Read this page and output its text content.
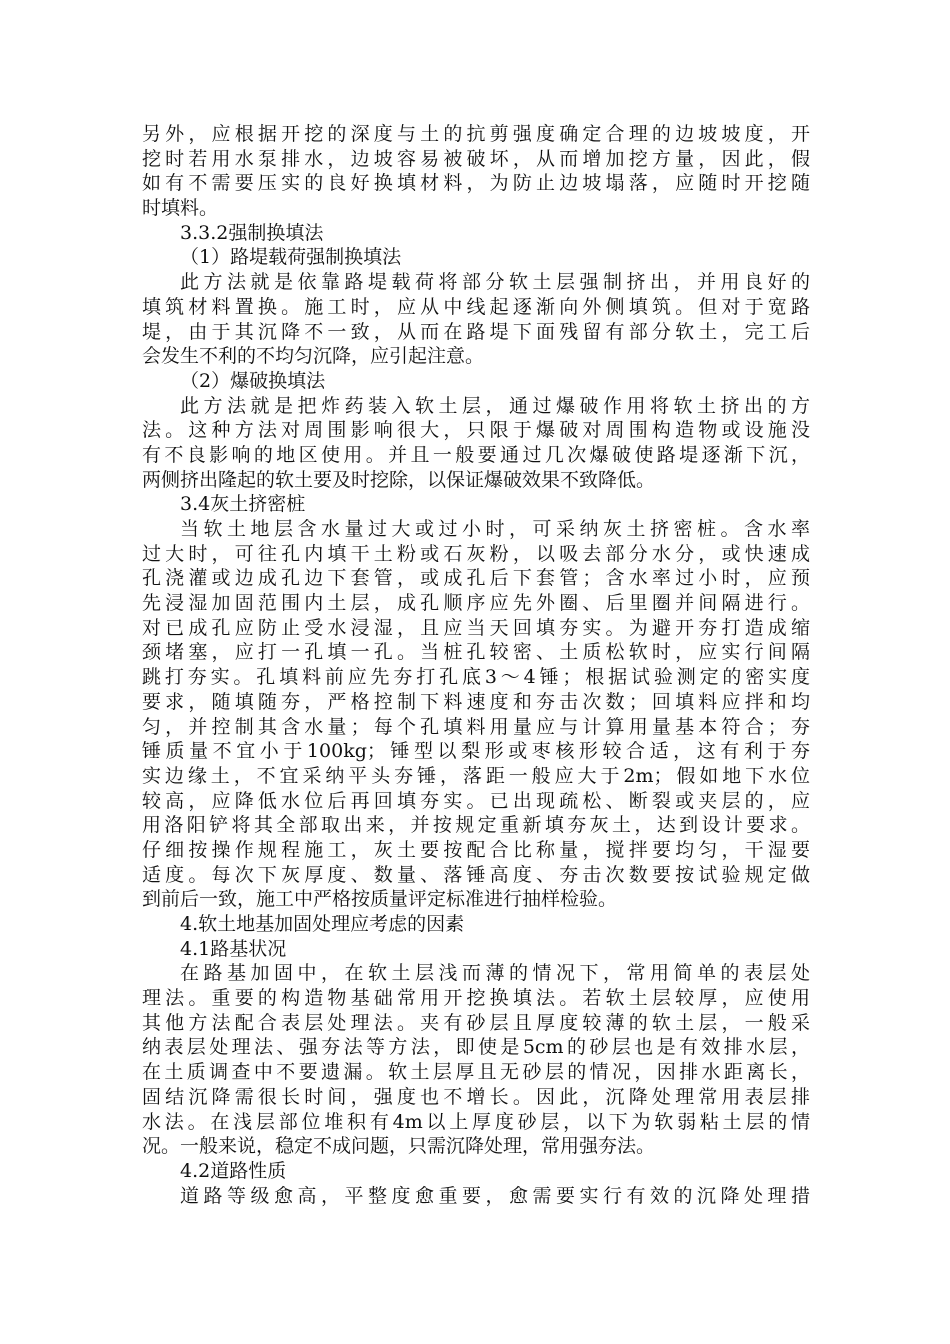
另外，应根据开挖的深度与土的抗剪强度确定合理的边坡坡度，开
挖时若用水泵排水，边坡容易被破坏，从而增加挖方量，因此，假
如有不需要压实的良好换填材料，为防止边坡塌落，应随时开挖随
时填料。
3.3.2强制换填法
（1）路堤载荷强制换填法
此方法就是依靠路堤载荷将部分软土层强制挤出，并用良好的
填筑材料置换。施工时，应从中线起逐渐向外侧填筑。但对于宽路
堤，由于其沉降不一致，从而在路堤下面残留有部分软土，完工后
会发生不利的不均匀沉降，应引起注意。
（2）爆破换填法
此方法就是把炸药装入软土层，通过爆破作用将软土挤出的方
法。这种方法对周围影响很大，只限于爆破对周围构造物或设施没
有不良影响的地区使用。并且一般要通过几次爆破使路堤逐渐下沉，
两侧挤出隆起的软土要及时挖除，以保证爆破效果不致降低。
3.4灰土挤密桩
当软土地层含水量过大或过小时，可采纳灰土挤密桩。含水率
过大时，可往孔内填干土粉或石灰粉，以吸去部分水分，或快速成
孔浇灌或边成孔边下套管，或成孔后下套管；含水率过小时，应预
先浸湿加固范围内土层，成孔顺序应先外圈、后里圈并间隔进行。
对已成孔应防止受水浸湿，且应当天回填夯实。为避开夯打造成缩
颈堵塞，应打一孔填一孔。当桩孔较密、土质松软时，应实行间隔
跳打夯实。孔填料前应先夯打孔底3～4锤；根据试验测定的密实度
要求，随填随夯，严格控制下料速度和夯击次数；回填料应拌和均
匀，并控制其含水量；每个孔填料用量应与计算用量基本符合；夯
锤质量不宜小于100kg；锤型以梨形或枣核形较合适，这有利于夯
实边缘土，不宜采纳平头夯锤，落距一般应大于2m；假如地下水位
较高，应降低水位后再回填夯实。已出现疏松、断裂或夹层的，应
用洛阳铲将其全部取出来，并按规定重新填夯灰土，达到设计要求。
仔细按操作规程施工，灰土要按配合比称量，搅拌要均匀，干湿要
适度。每次下灰厚度、数量、落锤高度、夯击次数要按试验规定做
到前后一致，施工中严格按质量评定标准进行抽样检验。
4.软土地基加固处理应考虑的因素
4.1路基状况
在路基加固中，在软土层浅而薄的情况下，常用简单的表层处
理法。重要的构造物基础常用开挖换填法。若软土层较厚，应使用
其他方法配合表层处理法。夹有砂层且厚度较薄的软土层，一般采
纳表层处理法、强夯法等方法，即使是5cm的砂层也是有效排水层，
在土质调查中不要遗漏。软土层厚且无砂层的情况，因排水距离长，
固结沉降需很长时间，强度也不增长。因此，沉降处理常用表层排
水法。在浅层部位堆积有4m以上厚度砂层，以下为软弱粘土层的情
况。一般来说，稳定不成问题，只需沉降处理，常用强夯法。
4.2道路性质
道路等级愈高，平整度愈重要，愈需要实行有效的沉降处理措
